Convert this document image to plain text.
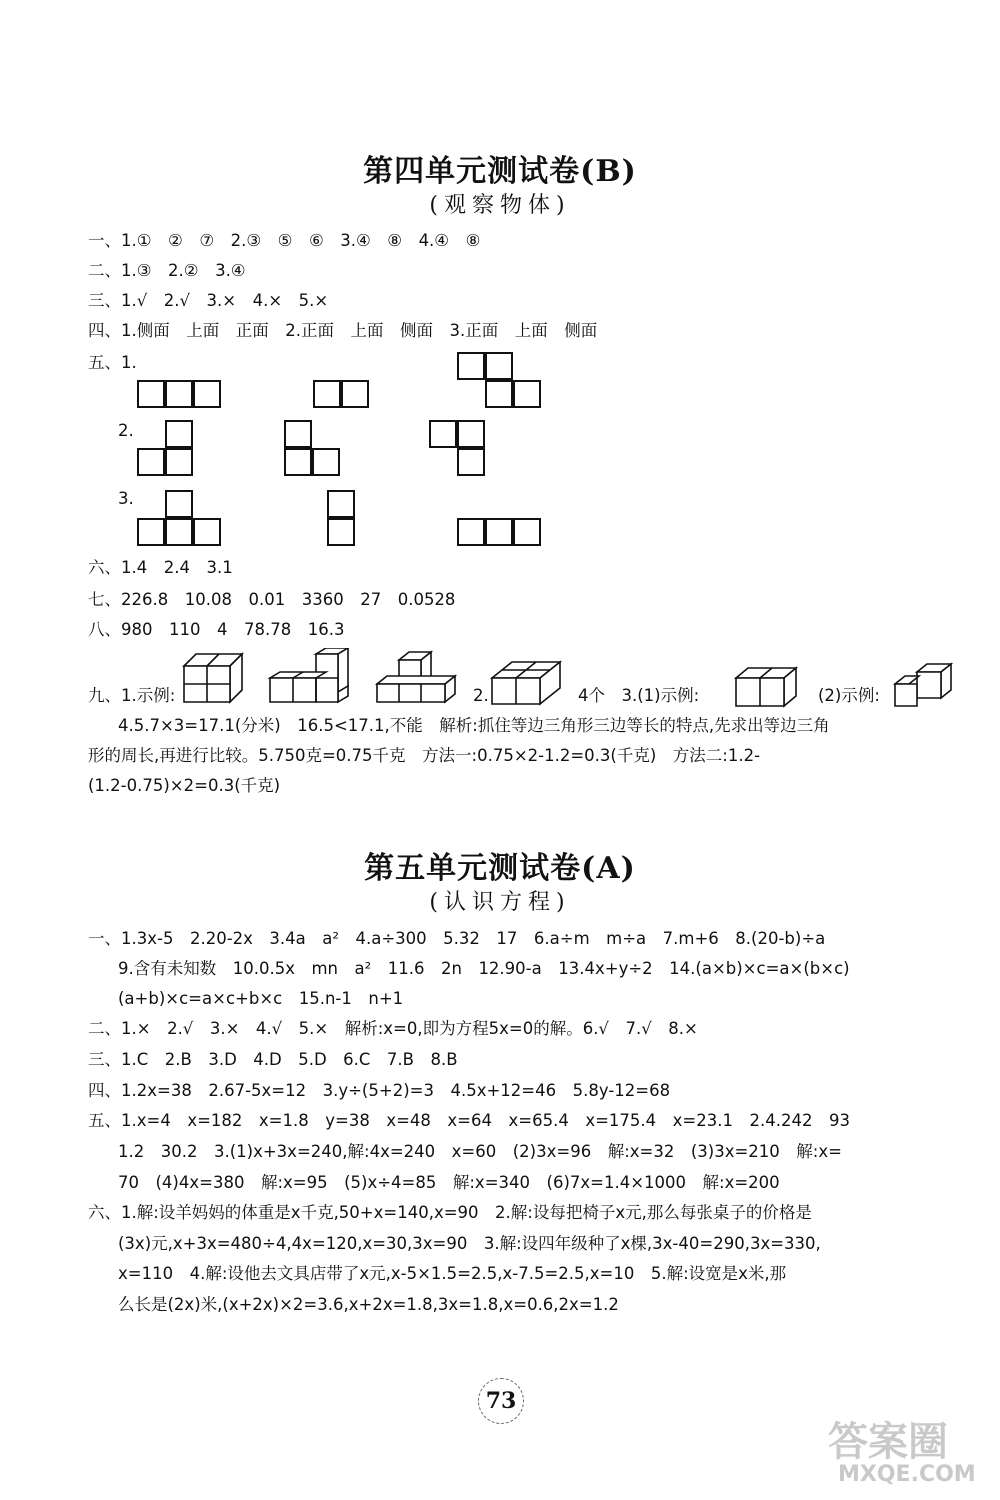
第四单元测试卷(B)
(观察物体)
一、1.①　②　⑦　2.③　⑤　⑥　3.④　⑧　4.④　⑧
二、1.③　2.②　3.④
三、1.√　2.√　3.×　4.×　5.×
四、1.侧面　上面　正面　2.正面　上面　侧面　3.正面　上面　侧面
五、1.
2.
3.
六、1.4　2.4　3.1
七、226.8　10.08　0.01　3360　27　0.0528
八、980　110　4　78.78　16.3
九、1.示例:	2.	4个　3.(1)示例:	(2)示例:
4.5.7×3=17.1(分米)　16.5<17.1,不能　解析:抓住等边三角形三边等长的特点,先求出等边三角
形的周长,再进行比较。5.750克=0.75千克　方法一:0.75×2-1.2=0.3(千克)　方法二:1.2-
(1.2-0.75)×2=0.3(千克)
第五单元测试卷(A)
(认识方程)
一、1.3x-5　2.20-2x　3.4a　a²　4.a÷300　5.32　17　6.a÷m　m÷a　7.m+6　8.(20-b)÷a
9.含有未知数　10.0.5x　mn　a²　11.6　2n　12.90-a　13.4x+y÷2　14.(a×b)×c=a×(b×c)
(a+b)×c=a×c+b×c　15.n-1　n+1
二、1.×　2.√　3.×　4.√　5.×　解析:x=0,即为方程5x=0的解。6.√　7.√　8.×
三、1.C　2.B　3.D　4.D　5.D　6.C　7.B　8.B
四、1.2x=38　2.67-5x=12　3.y÷(5+2)=3　4.5x+12=46　5.8y-12=68
五、1.x=4　x=182　x=1.8　y=38　x=48　x=64　x=65.4　x=175.4　x=23.1　2.4.242　93
1.2　30.2　3.(1)x+3x=240,解:4x=240　x=60　(2)3x=96　解:x=32　(3)3x=210　解:x=
70　(4)4x=380　解:x=95　(5)x÷4=85　解:x=340　(6)7x=1.4×1000　解:x=200
六、1.解:设羊妈妈的体重是x千克,50+x=140,x=90　2.解:设每把椅子x元,那么每张桌子的价格是
(3x)元,x+3x=480÷4,4x=120,x=30,3x=90　3.解:设四年级种了x棵,3x-40=290,3x=330,
x=110　4.解:设他去文具店带了x元,x-5×1.5=2.5,x-7.5=2.5,x=10　5.解:设宽是x米,那
么长是(2x)米,(x+2x)×2=3.6,x+2x=1.8,3x=1.8,x=0.6,2x=1.2
73
答案圈
MXQE.COM
